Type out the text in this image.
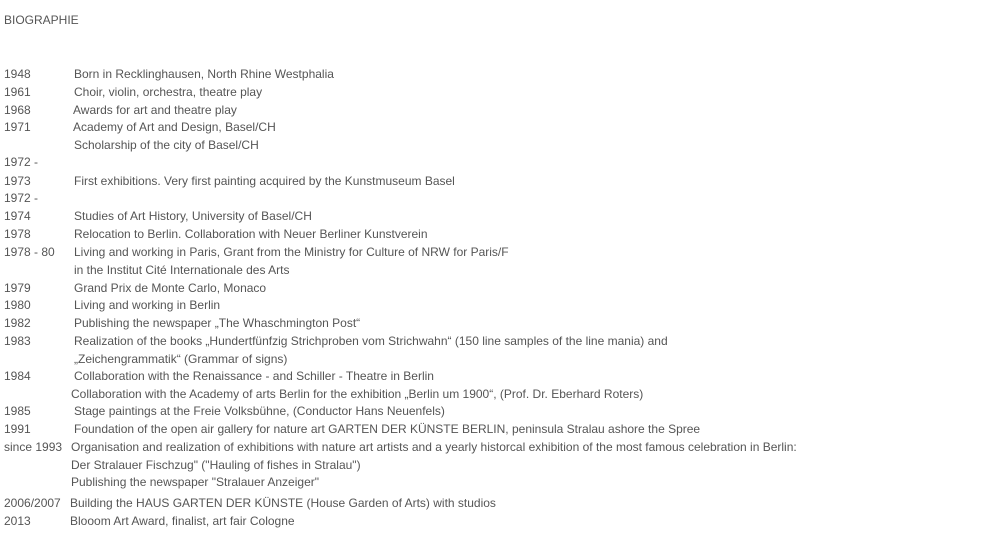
BIOGRAPHIE
1948	Born in Recklinghausen, North Rhine Westphalia
1961	Choir, violin, orchestra, theatre play
1968	Awards for art and theatre play
1971	Academy of Art and Design, Basel/CH
Scholarship of the city of Basel/CH
1972 -
1973	First exhibitions. Very first painting acquired by the Kunstmuseum Basel
1972 -
1974	Studies of Art History, University of Basel/CH
1978	Relocation to Berlin. Collaboration with Neuer Berliner Kunstverein
1978 - 80 Living and working in Paris, Grant from the Ministry for Culture of NRW for Paris/F
in the Institut Cité Internationale des Arts
1979	Grand Prix de Monte Carlo, Monaco
1980	Living and working in Berlin
1982	Publishing the newspaper „The Whaschmington Post“
1983	Realization of the books „Hundertfünfzig Strichproben vom Strichwahn“ (150 line samples of the line mania) and
„Zeichengrammatik“ (Grammar of signs)
1984	Collaboration with the Renaissance - and Schiller - Theatre in Berlin
Collaboration with the Academy of arts Berlin for the exhibition „Berlin um 1900“, (Prof. Dr. Eberhard Roters)
1985	Stage paintings at the Freie Volksbühne, (Conductor Hans Neuenfels)
1991	Foundation of the open air gallery for nature art GARTEN DER KÜNSTE BERLIN, peninsula Stralau ashore the Spree
since 1993 Organisation and realization of exhibitions with nature art artists and a yearly historcal exhibition of the most famous celebration in Berlin:
Der Stralauer Fischzug" ("Hauling of fishes in Stralau")
Publishing the newspaper "Stralauer Anzeiger"
2006/2007 Building the HAUS GARTEN DER KÜNSTE (House Garden of Arts) with studios
2013	Blooom Art Award, finalist, art fair Cologne
